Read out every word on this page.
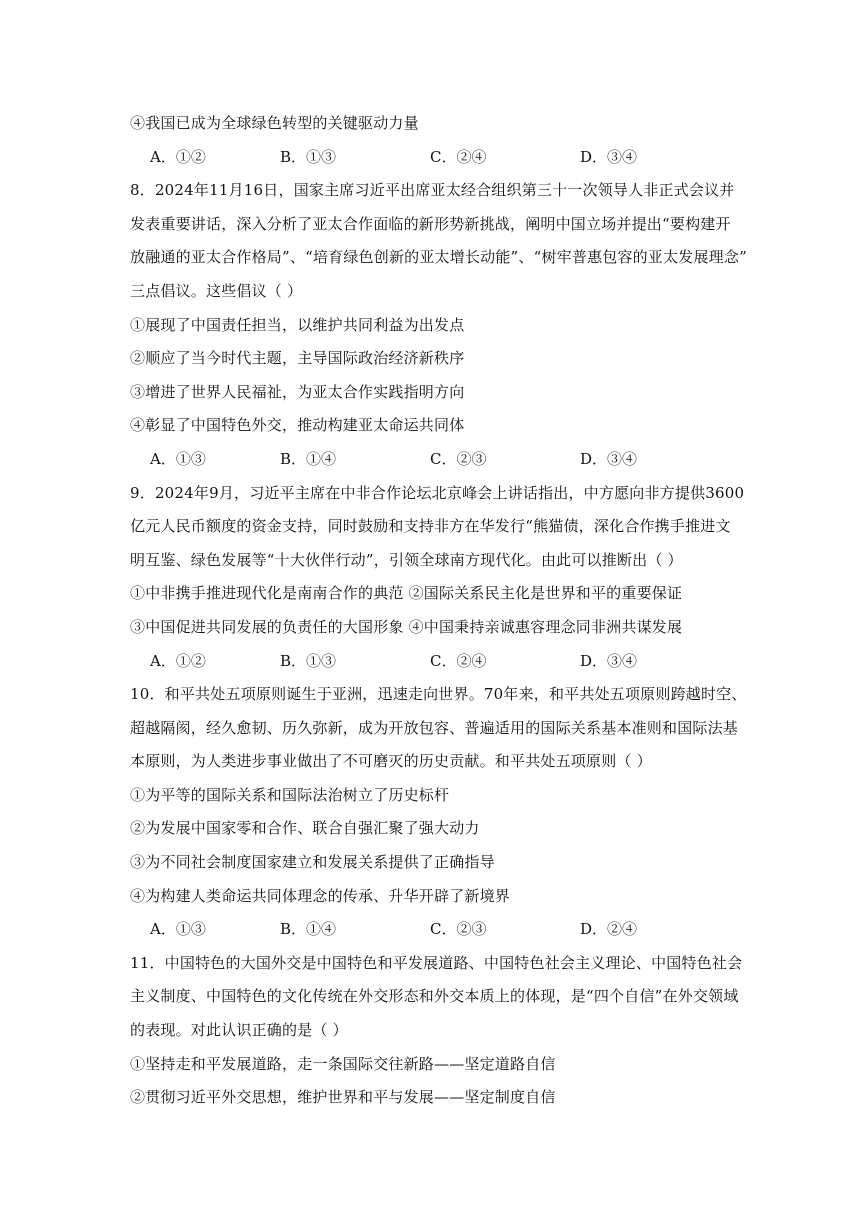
④我国已成为全球绿色转型的关键驱动力量
A．①②	B．①③	C．②④	D．③④
8．2024年11月16日，国家主席习近平出席亚太经合组织第三十一次领导人非正式会议并
发表重要讲话，深入分析了亚太合作面临的新形势新挑战，阐明中国立场并提出“要构建开
放融通的亚太合作格局”、“培育绿色创新的亚太增长动能”、“树牢普惠包容的亚太发展理念”
三点倡议。这些倡议（ ）
①展现了中国责任担当，以维护共同利益为出发点
②顺应了当今时代主题，主导国际政治经济新秩序
③增进了世界人民福祉，为亚太合作实践指明方向
④彰显了中国特色外交，推动构建亚太命运共同体
A．①③	B．①④	C．②③	D．③④
9．2024年9月，习近平主席在中非合作论坛北京峰会上讲话指出，中方愿向非方提供3600
亿元人民币额度的资金支持，同时鼓励和支持非方在华发行“熊猫债，深化合作携手推进文
明互鉴、绿色发展等“十大伙伴行动”，引领全球南方现代化。由此可以推断出（ ）
①中非携手推进现代化是南南合作的典范 ②国际关系民主化是世界和平的重要保证
③中国促进共同发展的负责任的大国形象 ④中国秉持亲诚惠容理念同非洲共谋发展
A．①②	B．①③	C．②④	D．③④
10．和平共处五项原则诞生于亚洲，迅速走向世界。70年来，和平共处五项原则跨越时空、
超越隔阂，经久愈韧、历久弥新，成为开放包容、普遍适用的国际关系基本准则和国际法基
本原则，为人类进步事业做出了不可磨灭的历史贡献。和平共处五项原则（ ）
①为平等的国际关系和国际法治树立了历史标杆
②为发展中国家零和合作、联合自强汇聚了强大动力
③为不同社会制度国家建立和发展关系提供了正确指导
④为构建人类命运共同体理念的传承、升华开辟了新境界
A．①③	B．①④	C．②③	D．②④
11．中国特色的大国外交是中国特色和平发展道路、中国特色社会主义理论、中国特色社会
主义制度、中国特色的文化传统在外交形态和外交本质上的体现，是“四个自信”在外交领域
的表现。对此认识正确的是（ ）
①坚持走和平发展道路，走一条国际交往新路——坚定道路自信
②贯彻习近平外交思想，维护世界和平与发展——坚定制度自信
